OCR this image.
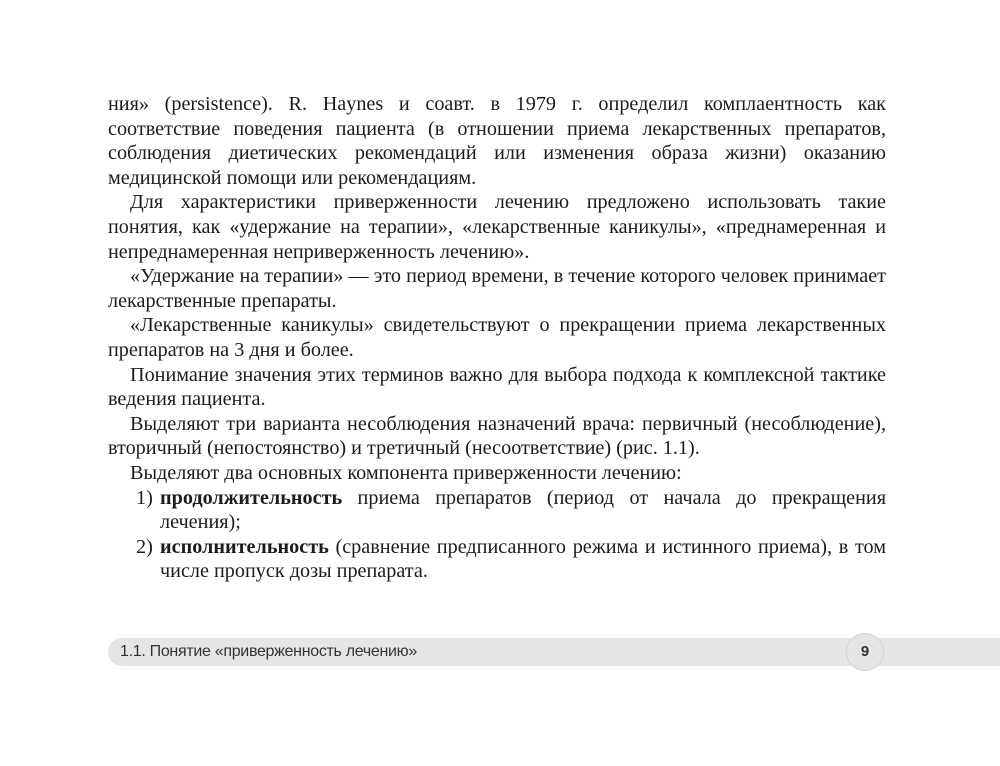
ния» (persistence). R. Haynes и соавт. в 1979 г. определил комплаентность как соответствие поведения пациента (в отношении приема лекарственных препаратов, соблюдения диетических рекомендаций или изменения образа жизни) оказанию медицинской помощи или рекомендациям.

Для характеристики приверженности лечению предложено использовать такие понятия, как «удержание на терапии», «лекарственные каникулы», «преднамеренная и непреднамеренная неприверженность лечению».

«Удержание на терапии» — это период времени, в течение которого человек принимает лекарственные препараты.

«Лекарственные каникулы» свидетельствуют о прекращении приема лекарственных препаратов на 3 дня и более.

Понимание значения этих терминов важно для выбора подхода к комплексной тактике ведения пациента.

Выделяют три варианта несоблюдения назначений врача: первичный (несоблюдение), вторичный (непостоянство) и третичный (несоответствие) (рис. 1.1).

Выделяют два основных компонента приверженности лечению:

1) продолжительность приема препаратов (период от начала до прекращения лечения);
2) исполнительность (сравнение предписанного режима и истинного приема), в том числе пропуск дозы препарата.
1.1. Понятие «приверженность лечению»	9
